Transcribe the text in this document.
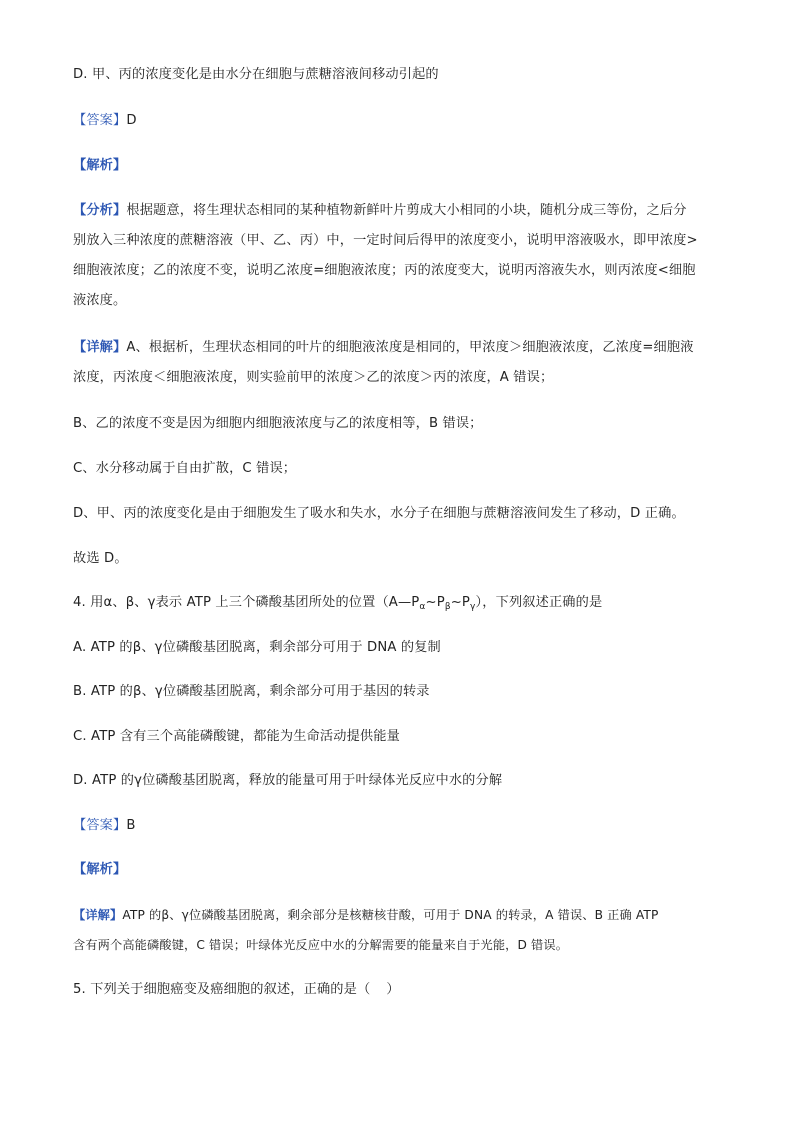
D. 甲、丙的浓度变化是由水分在细胞与蔗糖溶液间移动引起的
【答案】D
【解析】
【分析】根据题意，将生理状态相同的某种植物新鲜叶片剪成大小相同的小块，随机分成三等份，之后分
别放入三种浓度的蔗糖溶液（甲、乙、丙）中，一定时间后得甲的浓度变小，说明甲溶液吸水，即甲浓度>
细胞液浓度；乙的浓度不变，说明乙浓度=细胞液浓度；丙的浓度变大，说明丙溶液失水，则丙浓度<细胞
液浓度。
【详解】A、根据析，生理状态相同的叶片的细胞液浓度是相同的，甲浓度＞细胞液浓度，乙浓度=细胞液
浓度，丙浓度＜细胞液浓度，则实验前甲的浓度＞乙的浓度＞丙的浓度，A 错误；
B、乙的浓度不变是因为细胞内细胞液浓度与乙的浓度相等，B 错误；
C、水分移动属于自由扩散，C 错误；
D、甲、丙的浓度变化是由于细胞发生了吸水和失水，水分子在细胞与蔗糖溶液间发生了移动，D 正确。
故选 D。
4. 用α、β、γ表示 ATP 上三个磷酸基团所处的位置$(A—P_\alpha\sim P_\beta\sim P_\gamma)$，下列叙述正确的是
A. ATP 的β、γ位磷酸基团脱离，剩余部分可用于 DNA 的复制
B. ATP 的β、γ位磷酸基团脱离，剩余部分可用于基因的转录
C. ATP 含有三个高能磷酸键，都能为生命活动提供能量
D. ATP 的γ位磷酸基团脱离，释放的能量可用于叶绿体光反应中水的分解
【答案】B
【解析】
【详解】ATP 的β、γ位磷酸基团脱离，剩余部分是核糖核苷酸，可用于 DNA 的转录，A 错误、B 正确 ATP
含有两个高能磷酸键，C 错误；叶绿体光反应中水的分解需要的能量来自于光能，D 错误。
5. 下列关于细胞癌变及癌细胞的叙述，正确的是（ ）
